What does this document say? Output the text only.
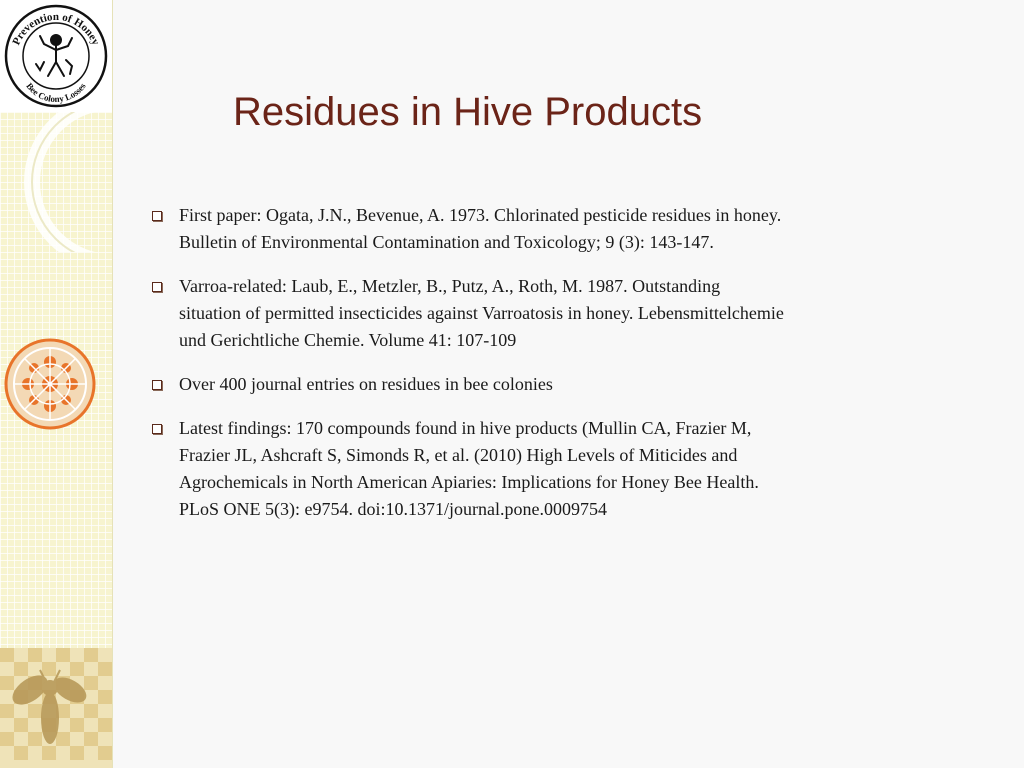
Prevention of Honey
Bee Colony Losses
Residues in Hive Products
First paper: Ogata, J.N., Bevenue, A. 1973. Chlorinated pesticide residues in honey.
Bulletin of Environmental Contamination and Toxicology; 9 (3): 143-147.
Varroa-related: Laub, E., Metzler, B., Putz, A., Roth, M. 1987. Outstanding
situation of permitted insecticides against Varroatosis in honey. Lebensmittelchemie
und Gerichtliche Chemie. Volume 41: 107-109
Over 400 journal entries on residues in bee colonies
Latest findings: 170 compounds found in hive products (Mullin CA, Frazier M,
Frazier JL, Ashcraft S, Simonds R, et al. (2010) High Levels of Miticides and
Agrochemicals in North American Apiaries: Implications for Honey Bee Health.
PLoS ONE 5(3): e9754. doi:10.1371/journal.pone.0009754
